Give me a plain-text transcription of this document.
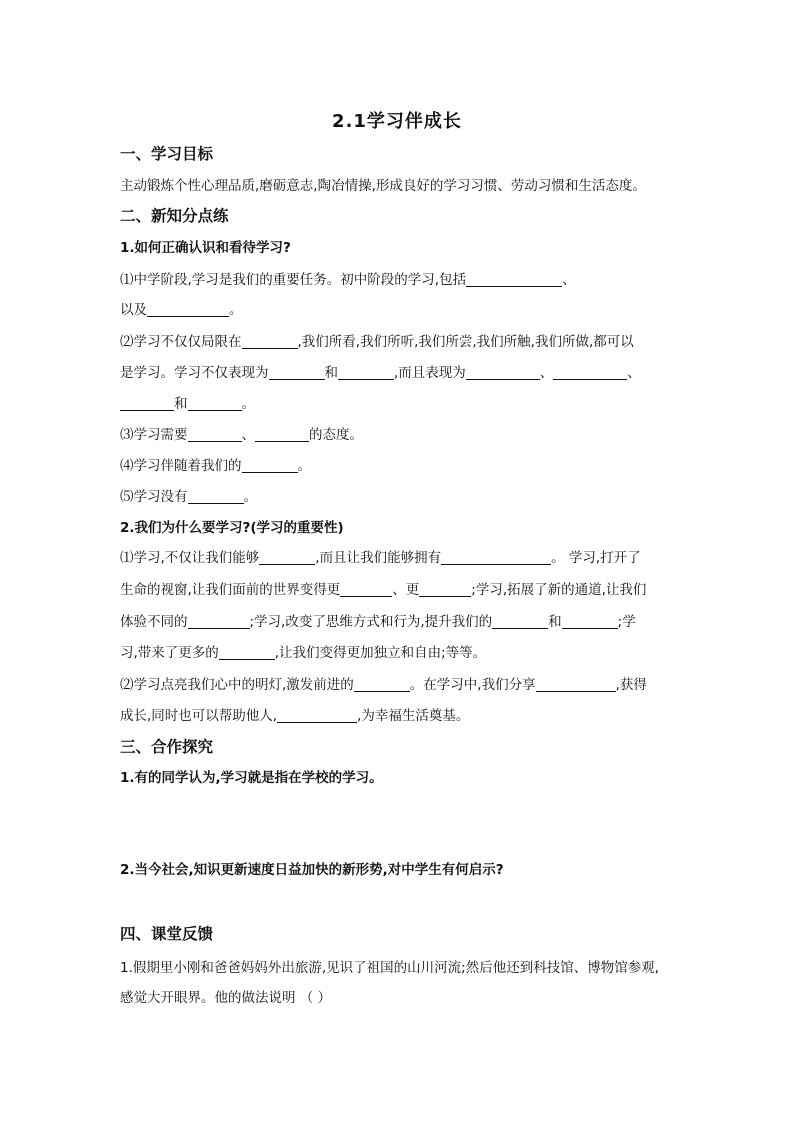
2.1学习伴成长
一、学习目标
主动锻炼个性心理品质,磨砺意志,陶冶情操,形成良好的学习习惯、劳动习惯和生活态度。
二、新知分点练
1.如何正确认识和看待学习?
⑴中学阶段,学习是我们的重要任务。初中阶段的学习,包括	、
以及	。
⑵学习不仅仅局限在	,我们所看,我们所听,我们所尝,我们所触,我们所做,都可以
是学习。学习不仅表现为	和	,而且表现为	、	、
和	。
⑶学习需要	、	的态度。
⑷学习伴随着我们的	。
⑸学习没有	。
2.我们为什么要学习?(学习的重要性)
⑴学习,不仅让我们能够	,而且让我们能够拥有	。 学习,打开了
生命的视窗,让我们面前的世界变得更	、更	;学习,拓展了新的通道,让我们
体验不同的	;学习,改变了思维方式和行为,提升我们的	和	;学
习,带来了更多的	,让我们变得更加独立和自由;等等。
⑵学习点亮我们心中的明灯,激发前进的	。在学习中,我们分享	,获得
成长,同时也可以帮助他人,	,为幸福生活奠基。
三、合作探究
1.有的同学认为,学习就是指在学校的学习。
2.当今社会,知识更新速度日益加快的新形势,对中学生有何启示?
四、课堂反馈
1.假期里小刚和爸爸妈妈外出旅游,见识了祖国的山川河流;然后他还到科技馆、博物馆参观,
感觉大开眼界。他的做法说明 （ ）
